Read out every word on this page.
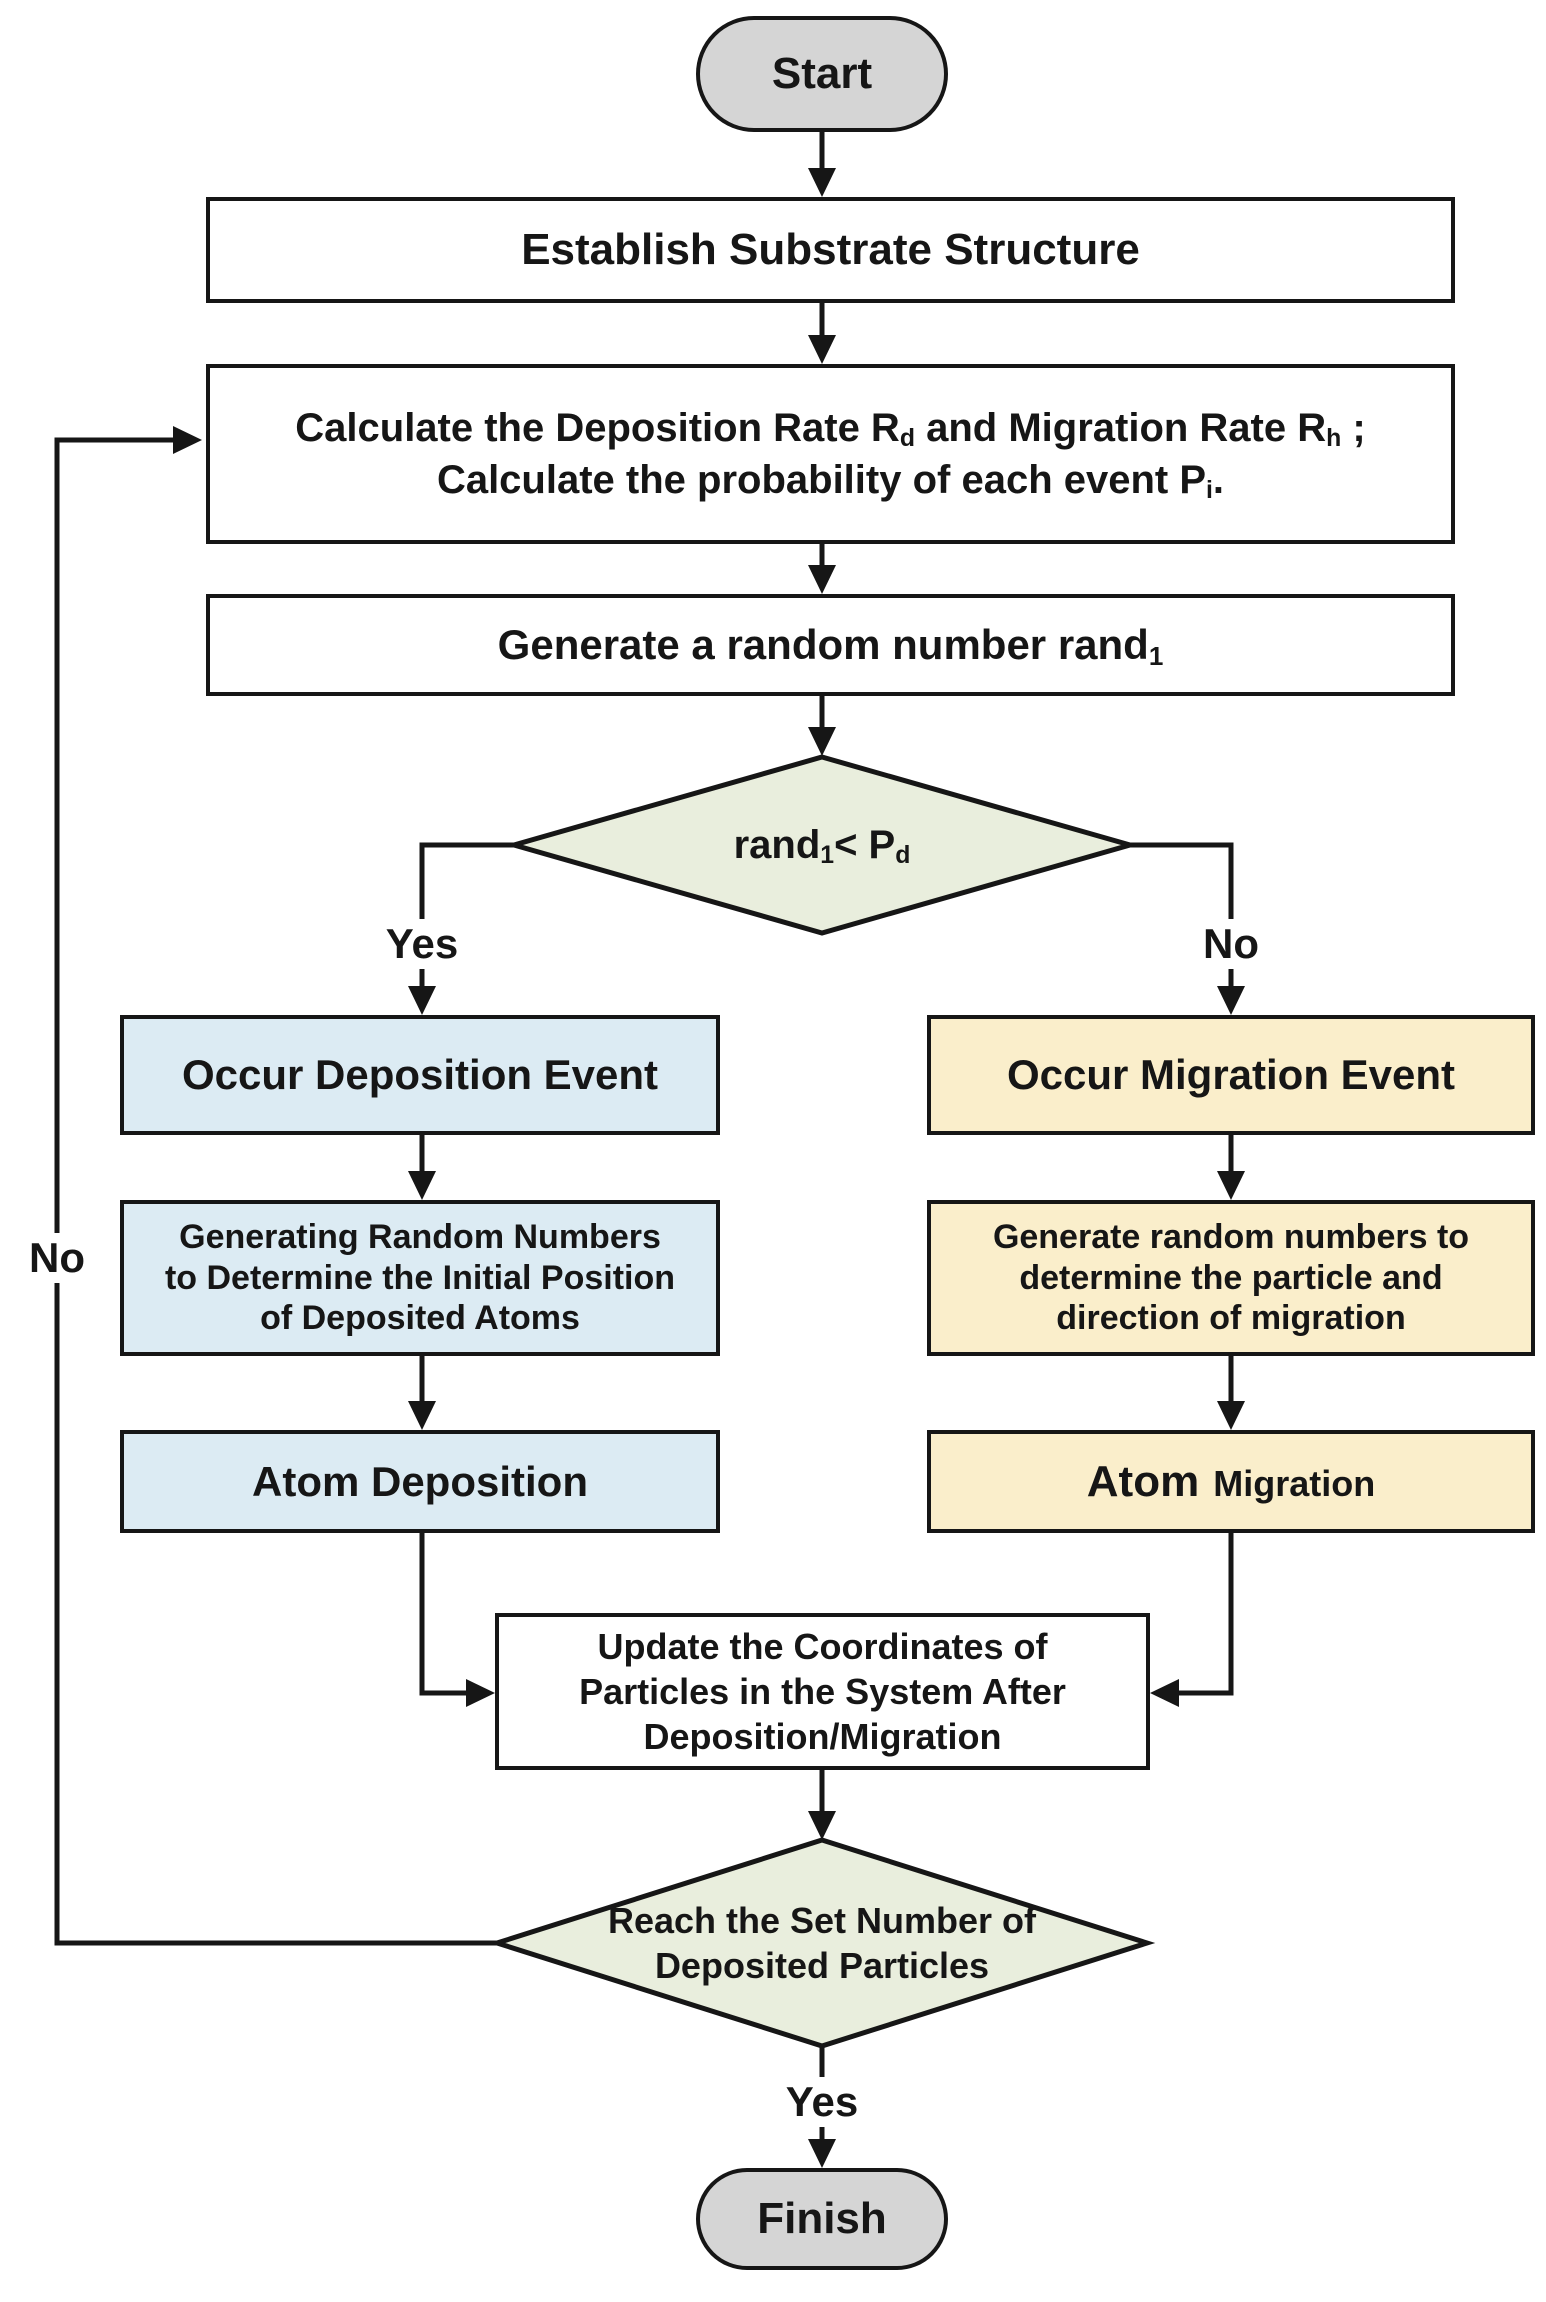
Start
Establish Substrate Structure
Calculate the Deposition Rate $R_d$ and Migration Rate $R_h$ ;
Calculate the probability of each event $P_i$.
Generate a random number rand$_1$
rand$_1$< $P_d$
Occur Deposition Event
Generating Random Numbers
to Determine the Initial Position
of Deposited Atoms
Atom Deposition
Occur Migration Event
Generate random numbers to
determine the particle and
direction of migration
Atom Migration
Update the Coordinates of
Particles in the System After
Deposition/Migration
Reach the Set Number of
Deposited Particles
Finish
Yes	No
No
Yes
